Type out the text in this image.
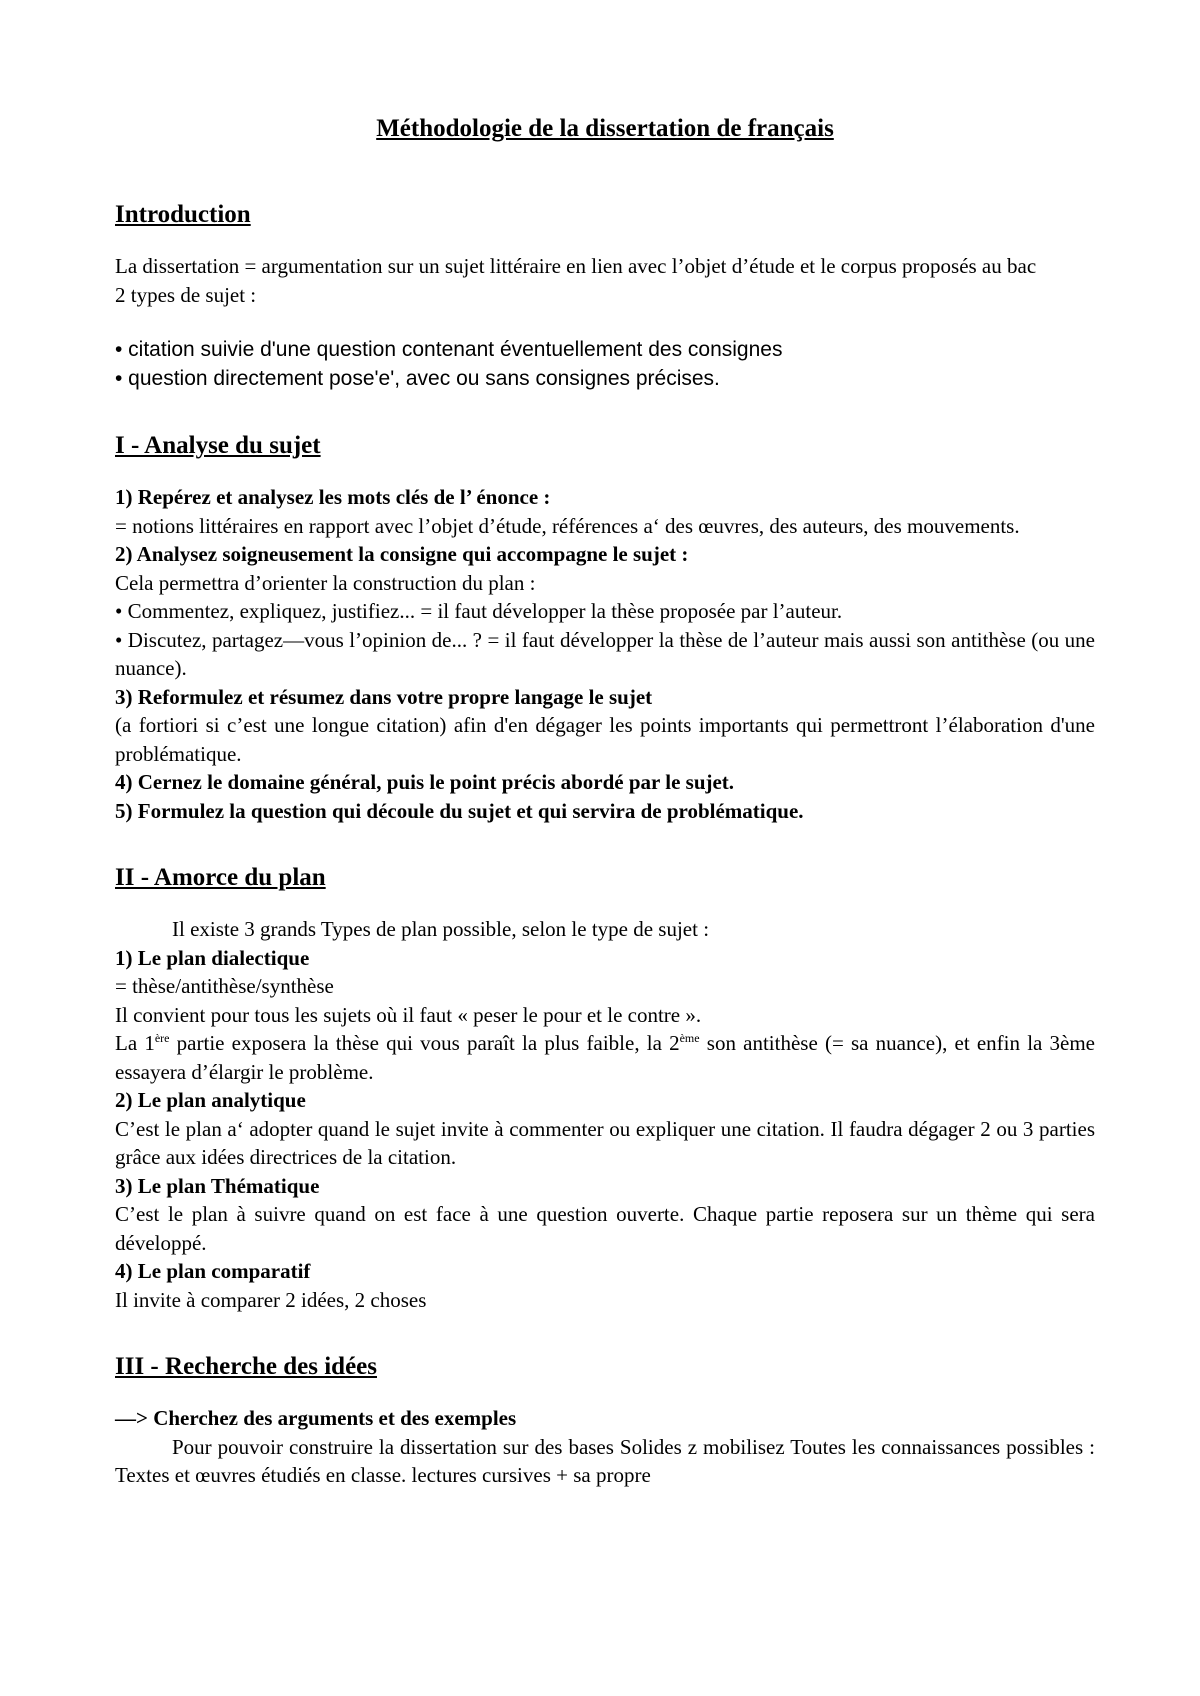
Méthodologie de la dissertation de français
Introduction

La dissertation = argumentation sur un sujet littéraire en lien avec l’objet d’étude et le corpus proposés au bac

2 types de sujet :

• citation suivie d'une question contenant éventuellement des consignes
• question directement pose'e', avec ou sans consignes précises.
I - Analyse du sujet

1) Repérez et analysez les mots clés de l’ énonce :

= notions littéraires en rapport avec l’objet d’étude, références a‘ des œuvres, des auteurs, des mouvements.

2) Analysez soigneusement la consigne qui accompagne le sujet :

Cela permettra d’orienter la construction du plan :

• Commentez, expliquez, justifiez... = il faut développer la thèse proposée par l’auteur.

• Discutez, partagez—vous l’opinion de... ? = il faut développer la thèse de l’auteur mais aussi son antithèse (ou une nuance).

3) Reformulez et résumez dans votre propre langage le sujet

(a fortiori si c’est une longue citation) afin d'en dégager les points importants qui permettront l’élaboration d'une problématique.

4) Cernez le domaine général, puis le point précis abordé par le sujet.

5) Formulez la question qui découle du sujet et qui servira de problématique.

II - Amorce du plan

Il existe 3 grands Types de plan possible, selon le type de sujet :

1) Le plan dialectique

= thèse/antithèse/synthèse

Il convient pour tous les sujets où il faut « peser le pour et le contre ».

La 1ère partie exposera la thèse qui vous paraît la plus faible, la 2ème son antithèse (= sa nuance), et enfin la 3ème essayera d’élargir le problème.

2) Le plan analytique

C’est le plan a‘ adopter quand le sujet invite à commenter ou expliquer une citation. Il faudra dégager 2 ou 3 parties grâce aux idées directrices de la citation.

3) Le plan Thématique

C’est le plan à suivre quand on est face à une question ouverte. Chaque partie reposera sur un thème qui sera développé.

4) Le plan comparatif

Il invite à comparer 2 idées, 2 choses

III - Recherche des idées

—> Cherchez des arguments et des exemples

Pour pouvoir construire la dissertation sur des bases Solides z mobilisez Toutes les connaissances possibles : Textes et œuvres étudiés en classe. lectures cursives + sa propre
